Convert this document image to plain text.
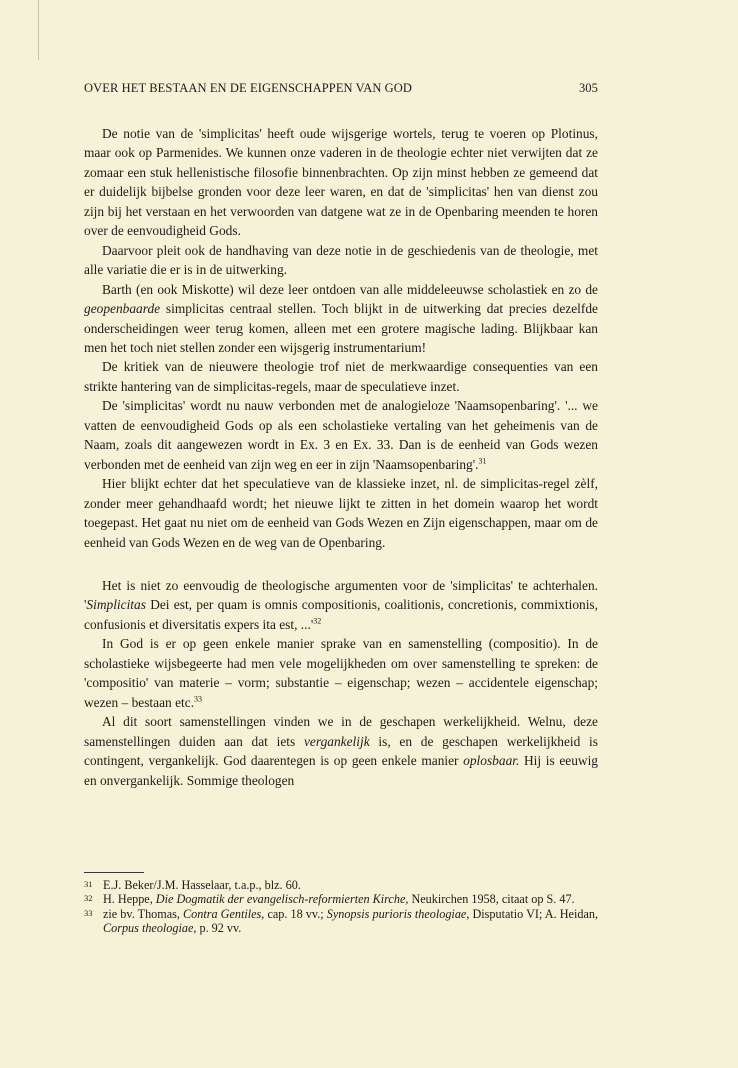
OVER HET BESTAAN EN DE EIGENSCHAPPEN VAN GOD	305

De notie van de 'simplicitas' heeft oude wijsgerige wortels, terug te voeren op Plotinus, maar ook op Parmenides. We kunnen onze vaderen in de theologie echter niet verwijten dat ze zomaar een stuk hellenistische filosofie binnenbrachten. Op zijn minst hebben ze gemeend dat er duidelijk bijbelse gronden voor deze leer waren, en dat de 'simplicitas' hen van dienst zou zijn bij het verstaan en het verwoorden van datgene wat ze in de Openbaring meenden te horen over de eenvoudigheid Gods.

Daarvoor pleit ook de handhaving van deze notie in de geschiedenis van de theologie, met alle variatie die er is in de uitwerking.

Barth (en ook Miskotte) wil deze leer ontdoen van alle middeleeuwse scholastiek en zo de geopenbaarde simplicitas centraal stellen. Toch blijkt in de uitwerking dat precies dezelfde onderscheidingen weer terug komen, alleen met een grotere magische lading. Blijkbaar kan men het toch niet stellen zonder een wijsgerig instrumentarium!

De kritiek van de nieuwere theologie trof niet de merkwaardige consequenties van een strikte hantering van de simplicitas-regels, maar de speculatieve inzet.

De 'simplicitas' wordt nu nauw verbonden met de analogieloze 'Naamsopenbaring'. '... we vatten de eenvoudigheid Gods op als een scholastieke vertaling van het geheimenis van de Naam, zoals dit aangewezen wordt in Ex. 3 en Ex. 33. Dan is de eenheid van Gods wezen verbonden met de eenheid van zijn weg en eer in zijn 'Naamsopenbaring'.$^{31}$

Hier blijkt echter dat het speculatieve van de klassieke inzet, nl. de simplicitas-regel zèlf, zonder meer gehandhaafd wordt; het nieuwe lijkt te zitten in het domein waarop het wordt toegepast. Het gaat nu niet om de eenheid van Gods Wezen en Zijn eigenschappen, maar om de eenheid van Gods Wezen en de weg van de Openbaring.

Het is niet zo eenvoudig de theologische argumenten voor de 'simplicitas' te achterhalen. 'Simplicitas Dei est, per quam is omnis compositionis, coalitionis, concretionis, commixtionis, confusionis et diversitatis expers ita est, $...'^{32}$

In God is er op geen enkele manier sprake van en samenstelling (compositio). In de scholastieke wijsbegeerte had men vele mogelijkheden om over samenstelling te spreken: de 'compositio' van materie – vorm; substantie – eigenschap; wezen – accidentele eigenschap; wezen – bestaan etc.$^{33}$

Al dit soort samenstellingen vinden we in de geschapen werkelijkheid. Welnu, deze samenstellingen duiden aan dat iets vergankelijk is, en de geschapen werkelijkheid is contingent, vergankelijk. God daarentegen is op geen enkele manier oplosbaar. Hij is eeuwig en onvergankelijk. Sommige theologen

31 E.J. Beker/J.M. Hasselaar, t.a.p., blz. 60.

32 H. Heppe, Die Dogmatik der evangelisch-reformierten Kirche, Neukirchen 1958, citaat op S. 47.

33 zie bv. Thomas, Contra Gentiles, cap. 18 vv.; Synopsis purioris theologiae, Disputatio VI; A. Heidan, Corpus theologiae, p. 92 vv.
